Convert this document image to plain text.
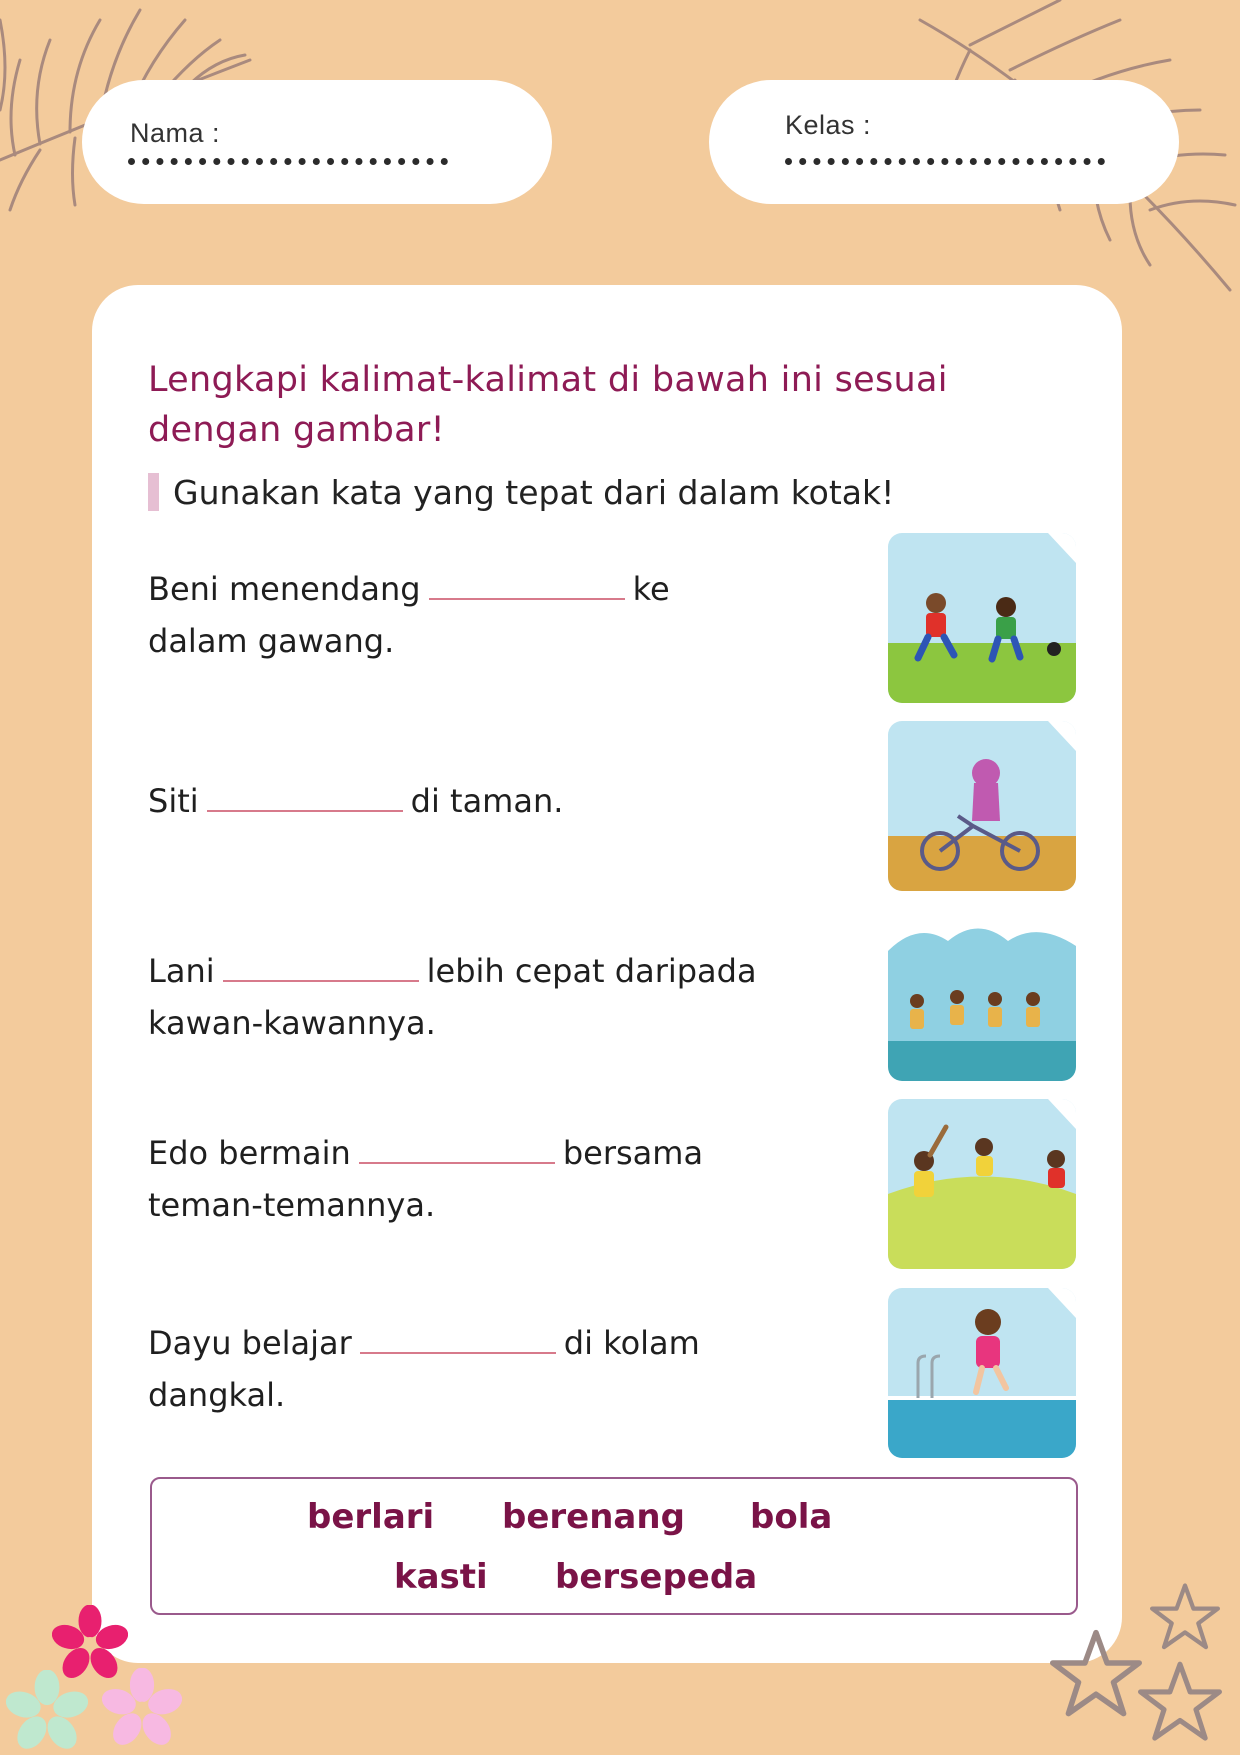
Nama :	Kelas :
Lengkapi kalimat-kalimat di bawah ini sesuai dengan gambar!
Gunakan kata yang tepat dari dalam kotak!
Beni menendang	ke
dalam gawang.
Siti	di taman.
Lani	lebih cepat daripada
kawan-kawannya.
Edo bermain	bersama
teman-temannya.
Dayu belajar	di kolam
dangkal.
berlari berenang bola
kasti bersepeda
